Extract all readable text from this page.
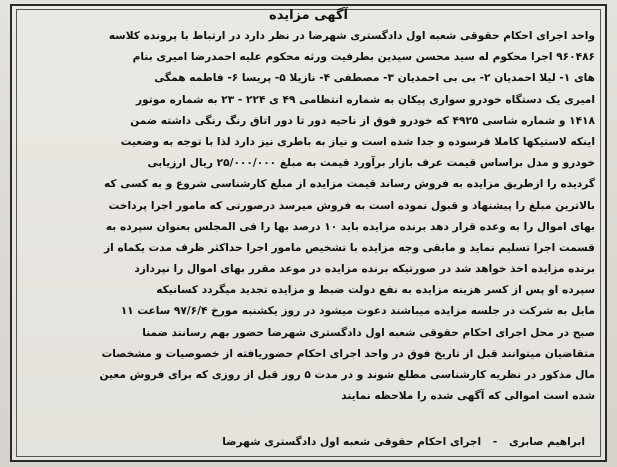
آگهی مزایده
واحد اجرای احکام حقوقی شعبه اول دادگستری شهرضا در نظر دارد در ارتباط با پرونده کلاسه
۹۶۰۴۸۶ اجرا محکوم له سید محسن سیدین بطرفیت ورثه محکوم علیه احمدرضا امیری بنام
های ۱- لیلا احمدیان ۲- بی بی احمدیان ۳- مصطفی ۴- نازیلا ۵- پریسا ۶- فاطمه همگی
امیری یک دستگاه خودرو سواری پیکان به شماره انتظامی ۴۹ ی ۲۲۴ - ۲۳ به شماره موتور
۱۴۱۸ و شماره شاسی ۴۹۲۵ که خودرو فوق از ناحیه دور تا دور اتاق رنگ رنگی داشته ضمن
اینکه لاستیکها کاملا فرسوده و جدا شده است و نیاز به باطری نیز دارد لذا با توجه به وضعیت
خودرو و مدل براساس قیمت عرف بازار برآورد قیمت به مبلغ ۲۵/۰۰۰/۰۰۰ ریال ارزیابی
گردیده را ازطریق مزایده به فروش رساند قیمت مزایده از مبلغ کارشناسی شروع و به کسی که
بالاترین مبلغ را پیشنهاد و قبول نموده است به فروش میرسد درصورتی که مامور اجرا پرداخت
بهای اموال را به وعده قرار دهد برنده مزایده باید ۱۰ درصد بها را فی المجلس بعنوان سپرده به
قسمت اجرا تسلیم نماید و مابقی وجه مزایده با تشخیص مامور اجرا حداکثر ظرف مدت یکماه از
برنده مزایده اخذ خواهد شد در صورتیکه برنده مزایده در موعد مقرر بهای اموال را نپردازد
سپرده او پس از کسر هزینه مزایده به نفع دولت ضبط و مزایده تجدید میگردد کسانیکه
مایل به شرکت در جلسه مزایده میباشند دعوت میشود در روز یکشنبه مورخ ۹۷/۶/۴ ساعت ۱۱
صبح در محل اجرای احکام حقوقی شعبه اول دادگستری شهرضا حضور بهم رسانند ضمنا
متقاضیان میتوانند قبل از تاریخ فوق در واحد اجرای احکام حضوریافته از خصوصیات و مشخصات
مال مذکور در نظریه کارشناسی مطلع شوند و در مدت ۵ روز قبل از روزی که برای فروش معین
شده است اموالی که آگهی شده را ملاحظه نمایند
ابراهیم صابری - اجرای احکام حقوقی شعبه اول دادگستری شهرضا
